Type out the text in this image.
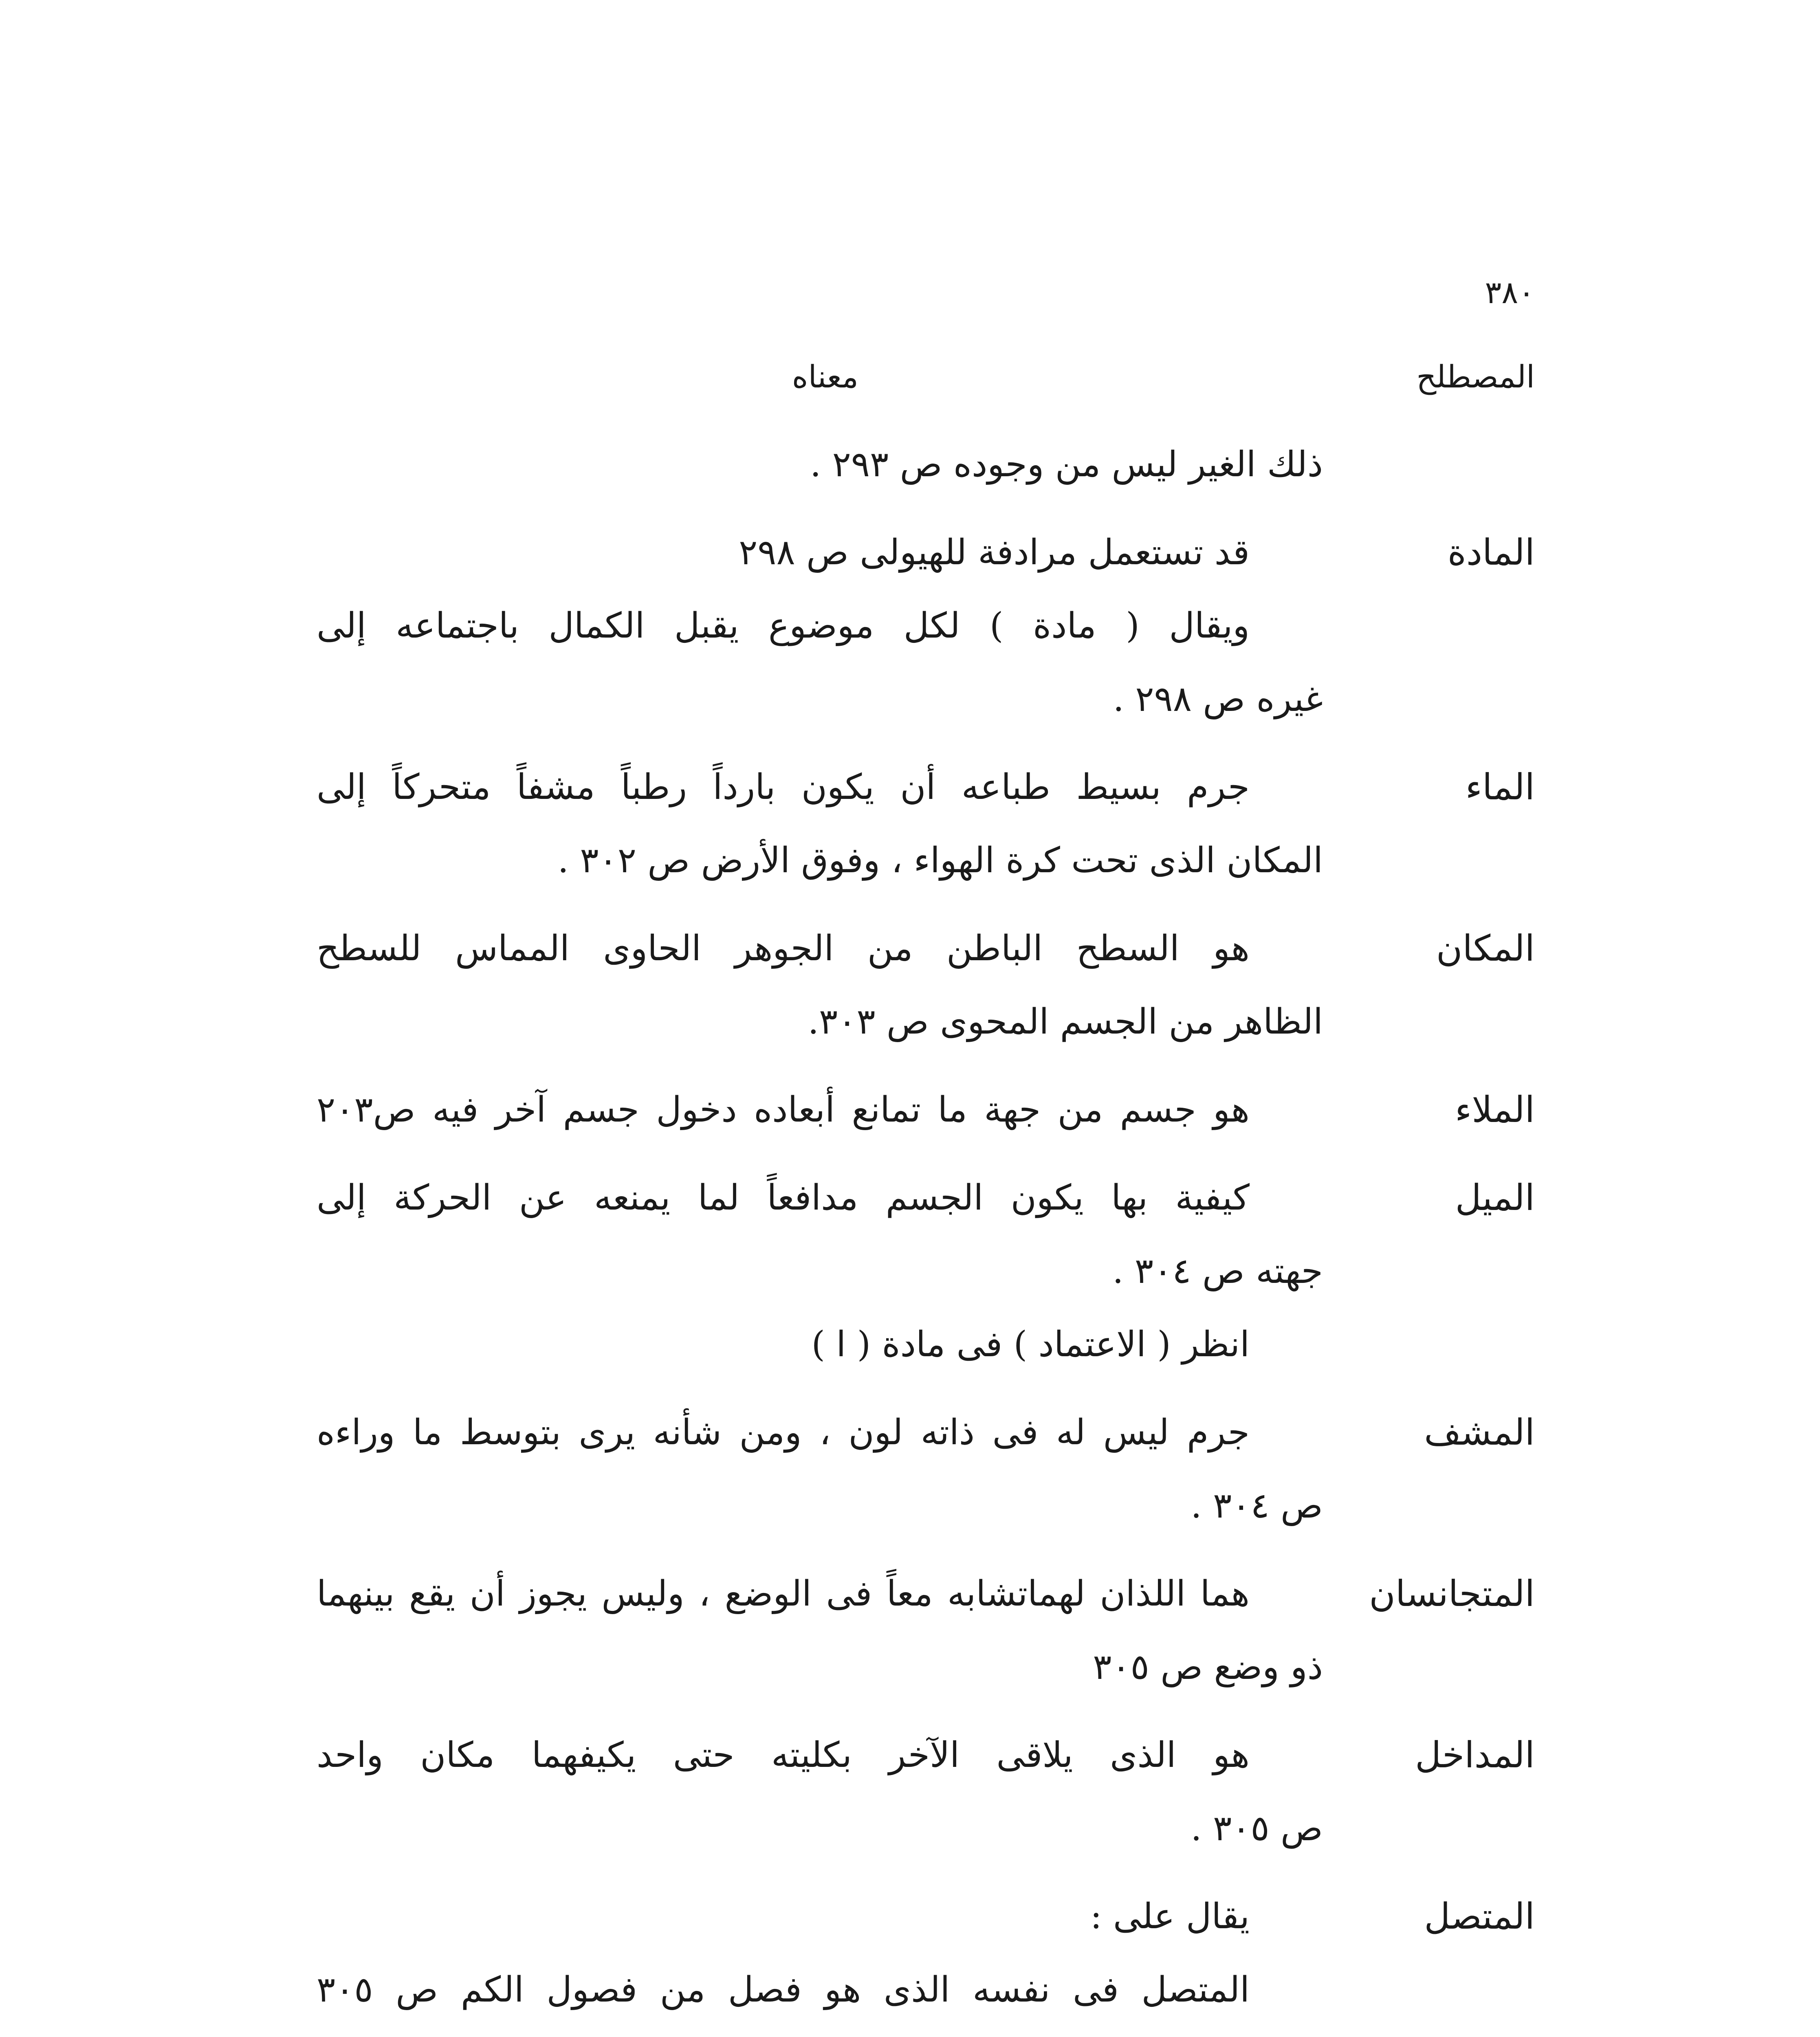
٣٨٠
المصطلح
معناه
ذلك الغير ليس من وجوده ص ٢٩٣ .
المادة
قد تستعمل مرادفة للهيولى ص ٢٩٨
ويقال ( مادة ) لكل موضوع يقبل الكمال باجتماعه إلى
غيره ص ٢٩٨ .
الماء
جرم بسيط طباعه أن يكون بارداً رطباً مشفاً متحركاً إلى
المكان الذى تحت كرة الهواء ، وفوق الأرض ص ٣٠٢ .
المكان
هو السطح الباطن من الجوهر الحاوى المماس للسطح
الظاهر من الجسم المحوى ص ٣٠٣.
الملاء
هو جسم من جهة ما تمانع أبعاده دخول جسم آخر فيه ص٢٠٣
الميل
كيفية بها يكون الجسم مدافعاً لما يمنعه عن الحركة إلى
جهته ص ٣٠٤ .
انظر ( الاعتماد ) فى مادة ( ا )
المشف
جرم ليس له فى ذاته لون ، ومن شأنه يرى بتوسط ما وراءه
ص ٣٠٤ .
المتجانسان
هما اللذان لهماتشابه معاً فى الوضع ، وليس يجوز أن يقع بينهما
ذو وضع ص ٣٠٥
المداخل
هو الذى يلاقى الآخر بكليته حتى يكيفهما مكان واحد
ص ٣٠٥ .
المتصل
يقال على :
المتصل فى نفسه الذى هو فصل من فصول الكم ص ٣٠٥
